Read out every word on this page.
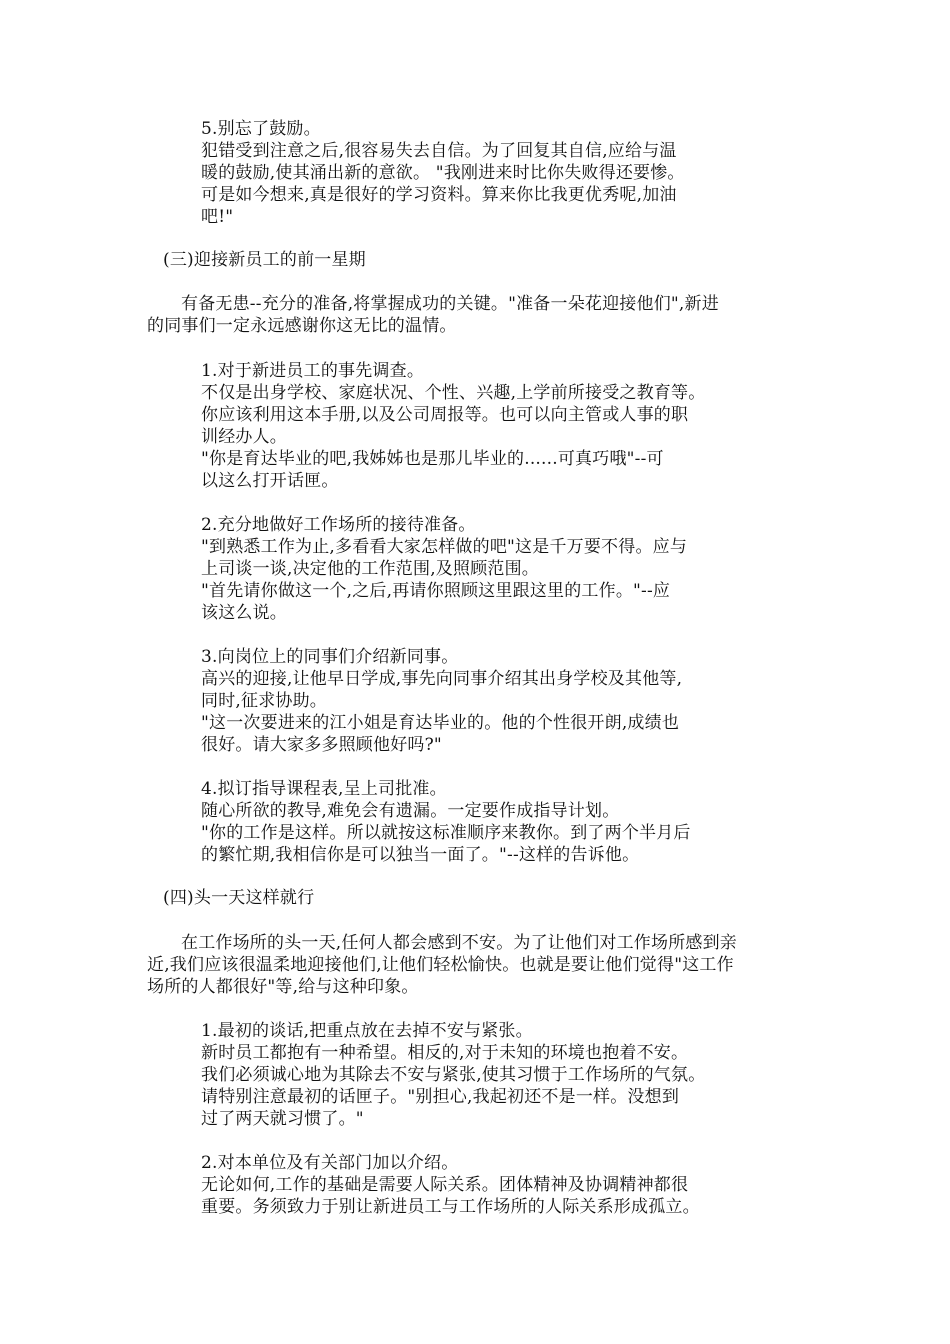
5.别忘了鼓励。
犯错受到注意之后,很容易失去自信。为了回复其自信,应给与温
暖的鼓励,使其涌出新的意欲。 "我刚进来时比你失败得还要惨。
可是如今想来,真是很好的学习资料。算来你比我更优秀呢,加油
吧!"
(三)迎接新员工的前一星期
有备无患--充分的准备,将掌握成功的关键。"准备一朵花迎接他们",新进
的同事们一定永远感谢你这无比的温情。
1.对于新进员工的事先调查。
不仅是出身学校、家庭状况、个性、兴趣,上学前所接受之教育等。
你应该利用这本手册,以及公司周报等。也可以向主管或人事的职
训经办人。
"你是育达毕业的吧,我姊姊也是那儿毕业的......可真巧哦"--可
以这么打开话匣。
2.充分地做好工作场所的接待准备。
"到熟悉工作为止,多看看大家怎样做的吧"这是千万要不得。应与
上司谈一谈,决定他的工作范围,及照顾范围。
"首先请你做这一个,之后,再请你照顾这里跟这里的工作。"--应
该这么说。
3.向岗位上的同事们介绍新同事。
高兴的迎接,让他早日学成,事先向同事介绍其出身学校及其他等,
同时,征求协助。
"这一次要进来的江小姐是育达毕业的。他的个性很开朗,成绩也
很好。请大家多多照顾他好吗?"
4.拟订指导课程表,呈上司批准。
随心所欲的教导,难免会有遗漏。一定要作成指导计划。
"你的工作是这样。所以就按这标准顺序来教你。到了两个半月后
的繁忙期,我相信你是可以独当一面了。"--这样的告诉他。
(四)头一天这样就行
在工作场所的头一天,任何人都会感到不安。为了让他们对工作场所感到亲
近,我们应该很温柔地迎接他们,让他们轻松愉快。也就是要让他们觉得"这工作
场所的人都很好"等,给与这种印象。
1.最初的谈话,把重点放在去掉不安与紧张。
新时员工都抱有一种希望。相反的,对于未知的环境也抱着不安。
我们必须诚心地为其除去不安与紧张,使其习惯于工作场所的气氛。
请特别注意最初的话匣子。"别担心,我起初还不是一样。没想到
过了两天就习惯了。"
2.对本单位及有关部门加以介绍。
无论如何,工作的基础是需要人际关系。团体精神及协调精神都很
重要。务须致力于别让新进员工与工作场所的人际关系形成孤立。
